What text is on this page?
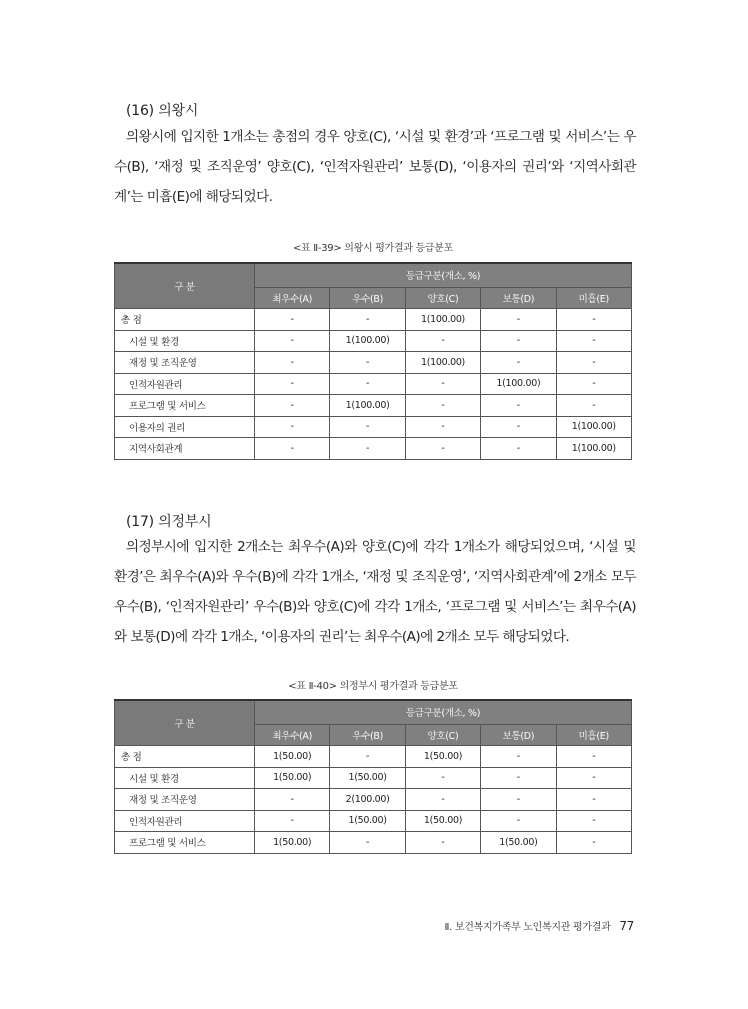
(16) 의왕시

의왕시에 입지한 1개소는 총점의 경우 양호(C), ‘시설 및 환경’과 ‘프로그램 및 서비스’는 우수(B), ‘재정 및 조직운영’ 양호(C), ‘인적자원관리’ 보통(D), ‘이용자의 권리’와 ‘지역사회관계’는 미흡(E)에 해당되었다.

<표 Ⅱ-39> 의왕시 평가결과 등급분포
구 분	등급구분(개소, %)				
	최우수(A)	우수(B)	양호(C)	보통(D)	미흡(E)
총 점	-	-	1(100.00)	-	-
시설 및 환경	-	1(100.00)	-	-	-
재정 및 조직운영	-	-	1(100.00)	-	-
인적자원관리	-	-	-	1(100.00)	-
프로그램 및 서비스	-	1(100.00)	-	-	-
이용자의 권리	-	-	-	-	1(100.00)
지역사회관계	-	-	-	-	1(100.00)
(17) 의정부시

의정부시에 입지한 2개소는 최우수(A)와 양호(C)에 각각 1개소가 해당되었으며, ‘시설 및 환경’은 최우수(A)와 우수(B)에 각각 1개소, ‘재정 및 조직운영’, ‘지역사회관계’에 2개소 모두 우수(B), ‘인적자원관리’ 우수(B)와 양호(C)에 각각 1개소, ‘프로그램 및 서비스’는 최우수(A)와 보통(D)에 각각 1개소, ‘이용자의 권리’는 최우수(A)에 2개소 모두 해당되었다.

<표 Ⅱ-40> 의정부시 평가결과 등급분포
구 분	등급구분(개소, %)				
	최우수(A)	우수(B)	양호(C)	보통(D)	미흡(E)
총 점	1(50.00)	-	1(50.00)	-	-
시설 및 환경	1(50.00)	1(50.00)	-	-	-
재정 및 조직운영	-	2(100.00)	-	-	-
인적자원관리	-	1(50.00)	1(50.00)	-	-
프로그램 및 서비스	1(50.00)	-	-	1(50.00)	-
Ⅱ. 보건복지가족부 노인복지관 평가결과 77
